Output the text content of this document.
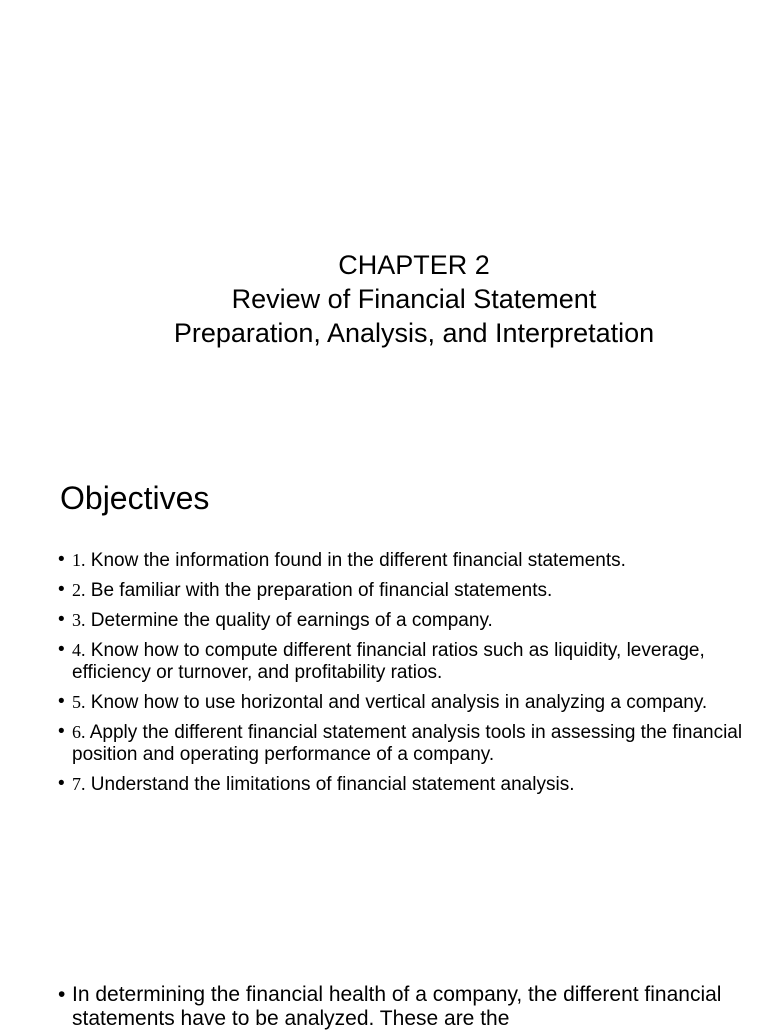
CHAPTER 2
Review of Financial Statement
Preparation, Analysis, and Interpretation
Objectives
• 1. Know the information found in the different financial statements.
• 2. Be familiar with the preparation of financial statements.
• 3. Determine the quality of earnings of a company.
• 4. Know how to compute different financial ratios such as liquidity, leverage, efficiency or turnover, and profitability ratios.
• 5. Know how to use horizontal and vertical analysis in analyzing a company.
• 6. Apply the different financial statement analysis tools in assessing the financial position and operating performance of a company.
• 7. Understand the limitations of financial statement analysis.
• In determining the financial health of a company, the different financial statements have to be analyzed. These are the
